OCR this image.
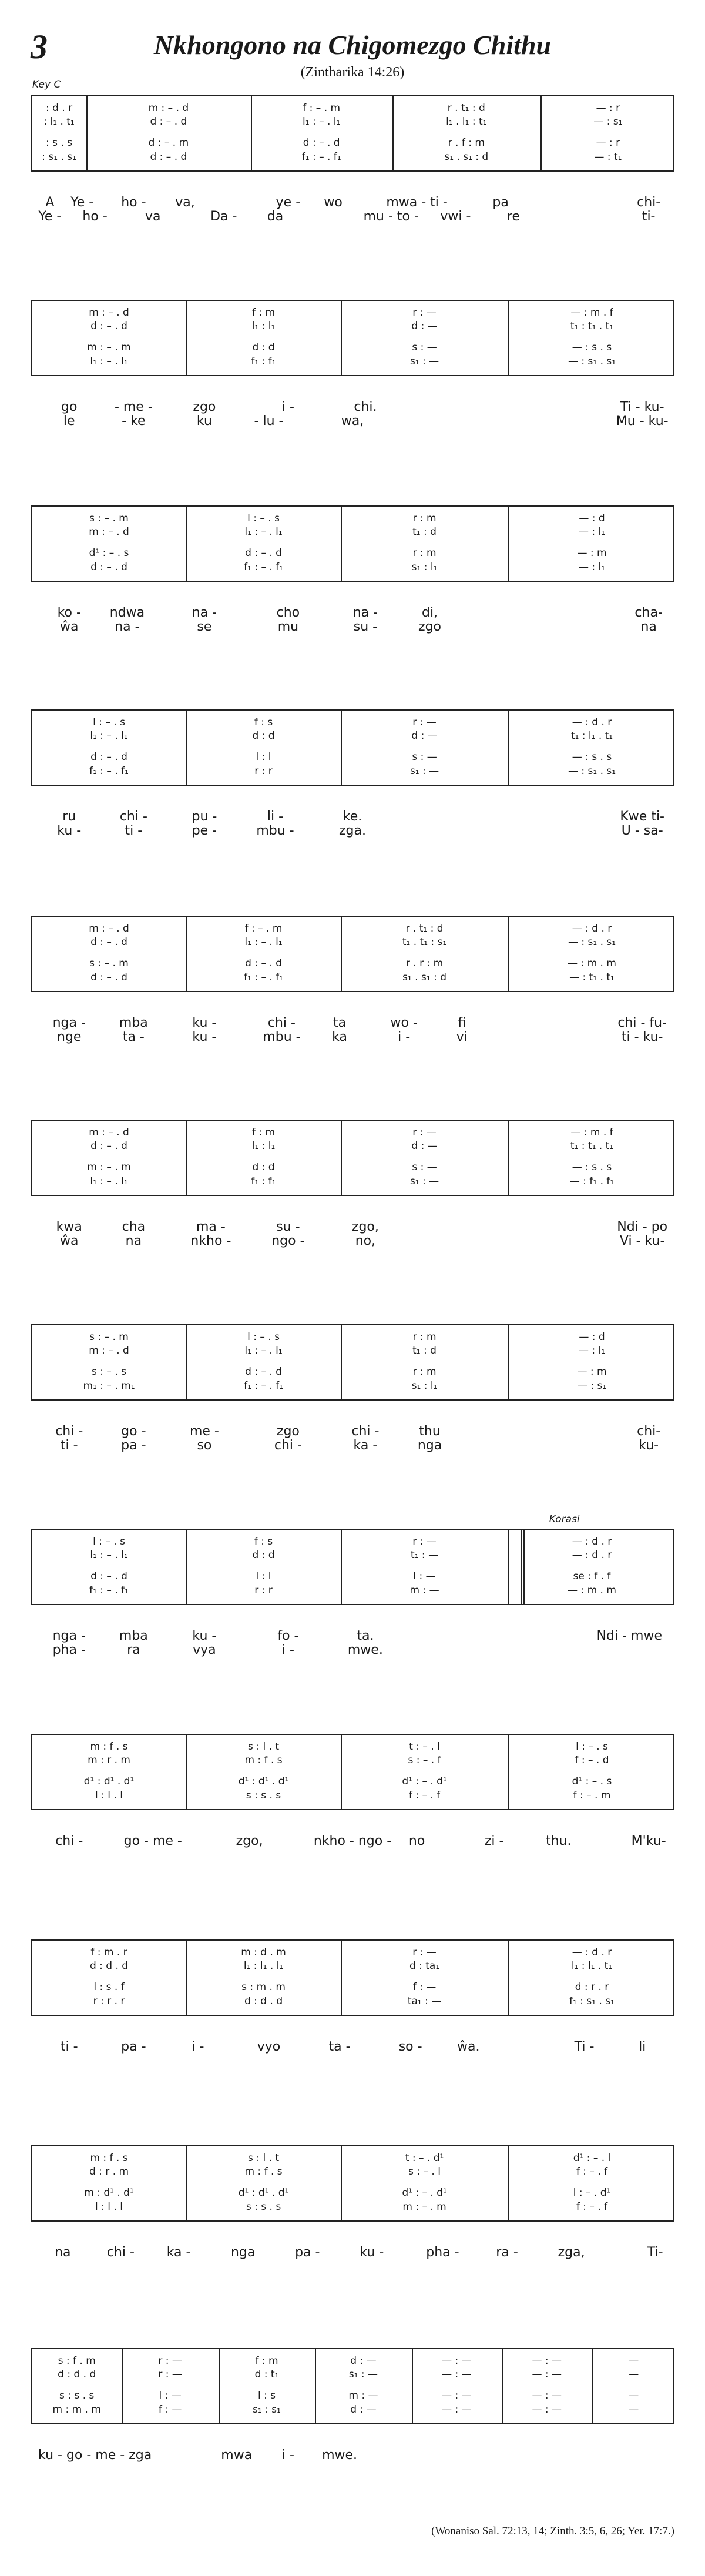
3	Nkhongono na Chigomezgo Chithu
(Zintharika 14:26)
Key C
: d . r	m : – . d	f : – . m	r . t₁ : d	— : r
: l₁ . t₁	d : – . d	l₁ : – . l₁	l₁ . l₁ : t₁	— : s₁
: s . s	d : – . m	d : – . d	r . f : m	— : r
: s₁ . s₁	d : – . d	f₁ : – . f₁	s₁ . s₁ : d	— : t₁
A Ye - ho - va,	ye - wo	mwa - ti -	pa	chi-
Ye - ho -	va	Da - da	mu - to - vwi -	re	ti-
m : – . d	f : m	r : —	— : m . f
d : – . d	l₁ : l₁	d : —	t₁ : t₁ . t₁
m : – . m	d : d	s : —	— : s . s
l₁ : – . l₁	f₁ : f₁	s₁ : —	— : s₁ . s₁
go	- me -	zgo	i -	chi.	Ti - ku-
le	- ke	ku	- lu -	wa,	Mu - ku-
s : – . m	l : – . s	r : m	— : d
m : – . d	l₁ : – . l₁	t₁ : d	— : l₁
d¹ : – . s	d : – . d	r : m	— : m
d : – . d	f₁ : – . f₁	s₁ : l₁	— : l₁
ko - ndwa	na -	cho	na -	di,	cha-
ŵa	na -	se	mu	su -	zgo	na
l : – . s	f : s	r : —	— : d . r
l₁ : – . l₁	d : d	d : —	t₁ : l₁ . t₁
d : – . d	l : l	s : —	— : s . s
f₁ : – . f₁	r : r	s₁ : —	— : s₁ . s₁
ru	chi -	pu -	li -	ke.	Kwe ti-
ku -	ti -	pe -	mbu -	zga.	U - sa-
m : – . d	f : – . m	r . t₁ : d	— : d . r
d : – . d	l₁ : – . l₁	t₁ . t₁ : s₁	— : s₁ . s₁
s : – . m	d : – . d	r . r : m	— : m . m
d : – . d	f₁ : – . f₁	s₁ . s₁ : d	— : t₁ . t₁
nga -	mba	ku -	chi -	ta	wo -	fi	chi - fu-
nge	ta -	ku -	mbu - ka	i -	vi	ti - ku-
m : – . d	f : m	r : —	— : m . f
d : – . d	l₁ : l₁	d : —	t₁ : t₁ . t₁
m : – . m	d : d	s : —	— : s . s
l₁ : – . l₁	f₁ : f₁	s₁ : —	— : f₁ . f₁
kwa	cha	ma -	su -	zgo,	Ndi - po
ŵa	na	nkho -	ngo -	no,	Vi - ku-
s : – . m	l : – . s	r : m	— : d
m : – . d	l₁ : – . l₁	t₁ : d	— : l₁
s : – . s	d : – . d	r : m	— : m
m₁ : – . m₁	f₁ : – . f₁	s₁ : l₁	— : s₁
chi -	go -	me -	zgo	chi -	thu	chi-
ti -	pa -	so	chi -	ka -	nga	ku-
Korasi
l : – . s	f : s	r : —	— : d . r
l₁ : – . l₁	d : d	t₁ : —	— : d . r
d : – . d	l : l	l : —	se : f . f
f₁ : – . f₁	r : r	m : —	— : m . m
nga -	mba	ku -	fo -	ta.	Ndi - mwe
pha -	ra	vya	i -	mwe.
m : f . s	s : l . t	t : – . l	l : – . s
m : r . m	m : f . s	s : – . f	f : – . d
d¹ : d¹ . d¹	d¹ : d¹ . d¹	d¹ : – . d¹	d¹ : – . s
l : l . l	s : s . s	f : – . f	f : – . m
chi -	go - me -	zgo,	nkho - ngo - no	zi -	thu.	M'ku-
f : m . r	m : d . m	r : —	— : d . r
d : d . d	l₁ : l₁ . l₁	d : ta₁	l₁ : l₁ . t₁
l : s . f	s : m . m	f : —	d : r . r
r : r . r	d : d . d	ta₁ : —	f₁ : s₁ . s₁
ti -	pa -	i -	vyo	ta -	so -	ŵa.	Ti -	li
m : f . s	s : l . t	t : – . d¹	d¹ : – . l
d : r . m	m : f . s	s : – . l	f : – . f
m : d¹ . d¹	d¹ : d¹ . d¹	d¹ : – . d¹	l : – . d¹
l : l . l	s : s . s	m : – . m	f : – . f
na	chi - ka -	nga	pa -	ku -	pha -	ra -	zga,	Ti-
s : f . m	r : —	f : m	d : —	— : —	— : —	—
d : d . d	r : —	d : t₁	s₁ : —	— : —	— : —	—
s : s . s	l : —	l : s	m : —	— : —	— : —	—
m : m . m	f : —	s₁ : s₁	d : —	— : —	— : —	—
ku - go - me - zga	mwa i - mwe.
(Wonaniso Sal. 72:13, 14; Zinth. 3:5, 6, 26; Yer. 17:7.)
